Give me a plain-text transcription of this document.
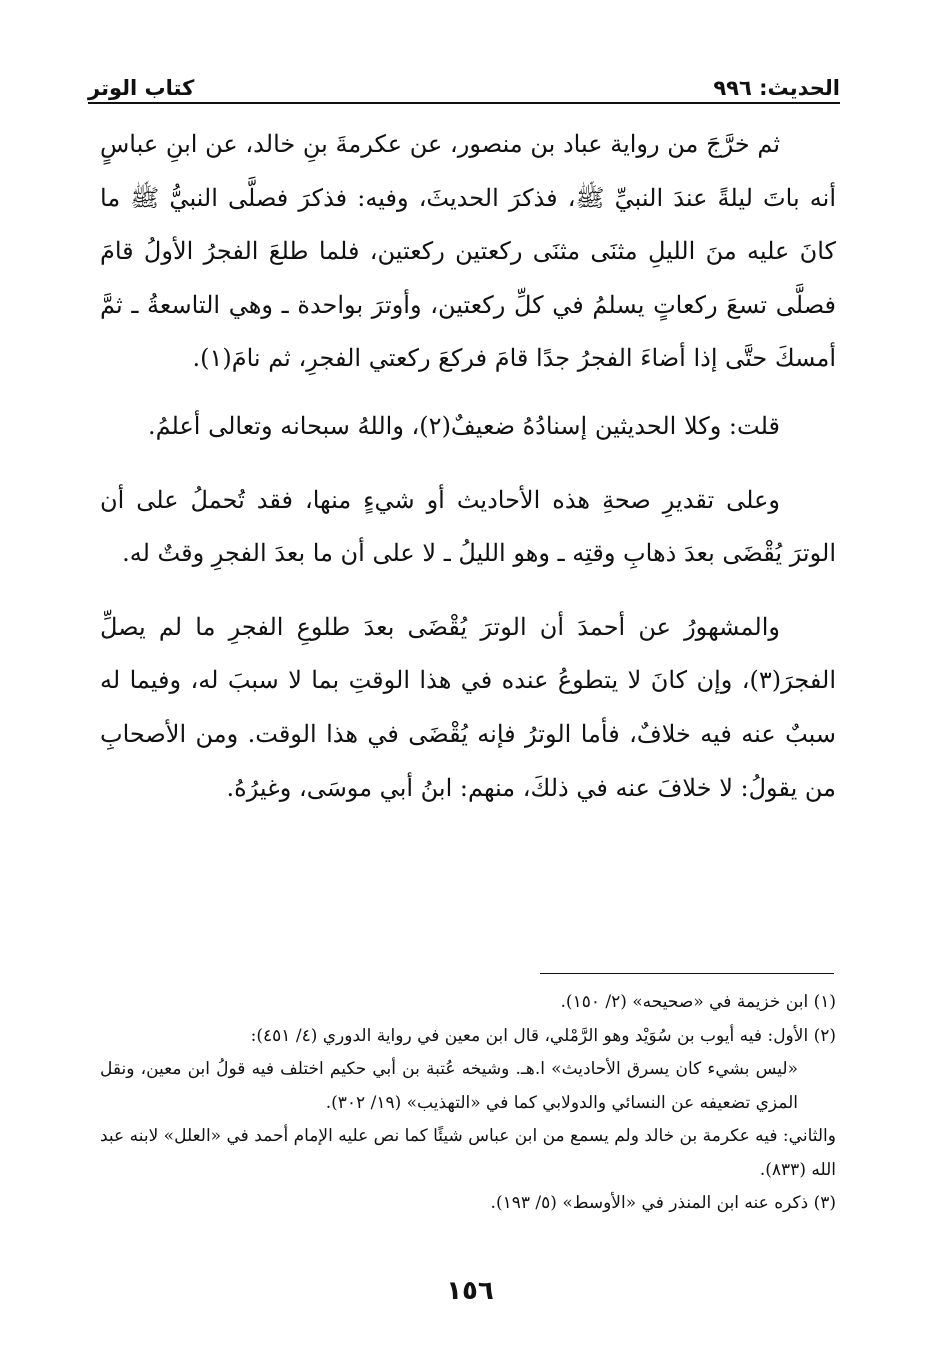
الحديث: ٩٩٦
كتاب الوتر

ثم خرَّجَ من رواية عباد بن منصور، عن عكرمةَ بنِ خالد، عن ابنِ عباسٍ أنه باتَ ليلةً عندَ النبيِّ ﷺ، فذكرَ الحديثَ، وفيه: فذكرَ فصلَّى النبيُّ ﷺ ما كانَ عليه منَ الليلِ مثنَى مثنَى ركعتين ركعتين، فلما طلعَ الفجرُ الأولُ قامَ فصلَّى تسعَ ركعاتٍ يسلمُ في كلِّ ركعتين، وأوترَ بواحدة ـ وهي التاسعةُ ـ ثمَّ أمسكَ حتَّى إذا أضاءَ الفجرُ جدًا قامَ فركعَ ركعتي الفجرِ، ثم نامَ(١).

قلت: وكلا الحديثين إسنادُهُ ضعيفٌ(٢)، واللهُ سبحانه وتعالى أعلمُ.

وعلى تقديرِ صحةِ هذه الأحاديث أو شيءٍ منها، فقد تُحملُ على أن الوترَ يُقْضَى بعدَ ذهابِ وقتِه ـ وهو الليلُ ـ لا على أن ما بعدَ الفجرِ وقتٌ له.

والمشهورُ عن أحمدَ أن الوترَ يُقْضَى بعدَ طلوعِ الفجرِ ما لم يصلِّ الفجرَ(٣)، وإن كانَ لا يتطوعُ عنده في هذا الوقتِ بما لا سببَ له، وفيما له سببٌ عنه فيه خلافٌ، فأما الوترُ فإنه يُقْضَى في هذا الوقت. ومن الأصحابِ من يقولُ: لا خلافَ عنه في ذلكَ، منهم: ابنُ أبي موسَى، وغيرُهُ.

(١) ابن خزيمة في «صحيحه» (٢/ ١٥٠).

(٢) الأول: فيه أيوب بن سُوَيْد وهو الرَّمْلي، قال ابن معين في رواية الدوري (٤/ ٤٥١):

«ليس بشيء كان يسرق الأحاديث» ا.هـ. وشيخه عُتبة بن أبي حكيم اختلف فيه قولُ ابن معين، ونقل المزي تضعيفه عن النسائي والدولابي كما في «التهذيب» (١٩/ ٣٠٢).

والثاني: فيه عكرمة بن خالد ولم يسمع من ابن عباس شيئًا كما نص عليه الإمام أحمد في «العلل» لابنه عبد الله (٨٣٣).

(٣) ذكره عنه ابن المنذر في «الأوسط» (٥/ ١٩٣).

١٥٦
